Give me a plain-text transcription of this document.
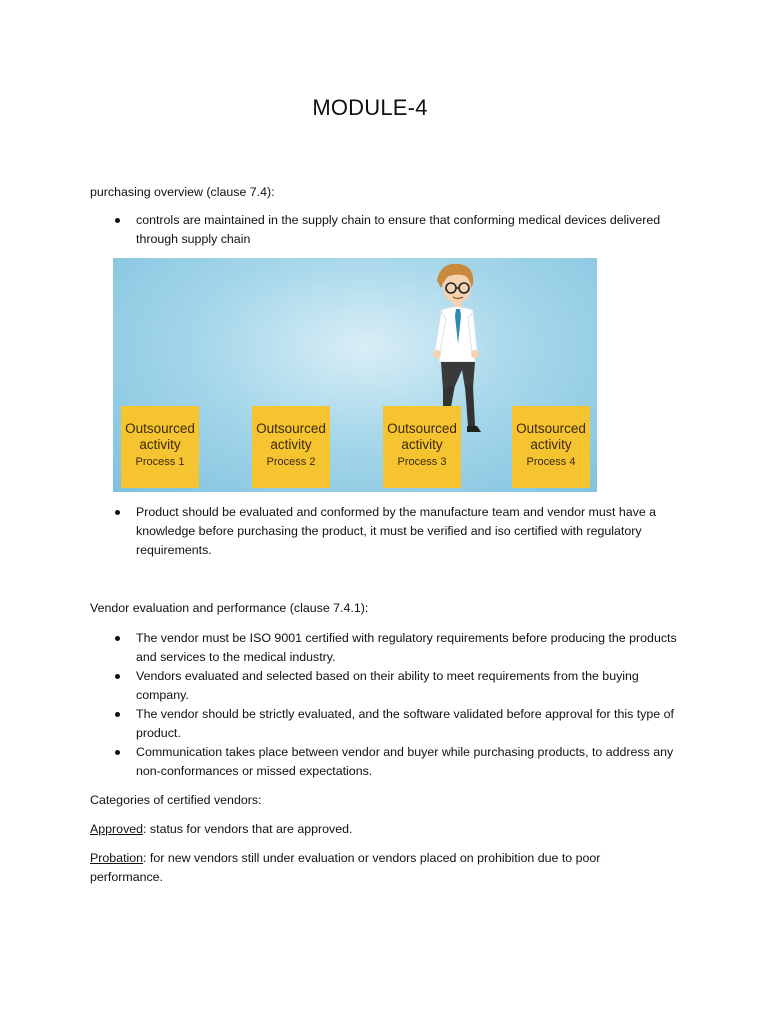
MODULE-4
purchasing overview (clause 7.4):
controls are maintained in the supply chain to ensure that conforming medical devices delivered through supply chain
Outsourced
activity
Process 1
Outsourced
activity
Process 2
Outsourced
activity
Process 3
Outsourced
activity
Process 4
Product should be evaluated and conformed by the manufacture team and vendor must have a knowledge before purchasing the product, it must be verified and iso certified with regulatory requirements.
Vendor evaluation and performance (clause 7.4.1):
The vendor must be ISO 9001 certified with regulatory requirements before producing the products and services to the medical industry.
Vendors evaluated and selected based on their ability to meet requirements from the buying company.
The vendor should be strictly evaluated, and the software validated before approval for this type of product.
Communication takes place between vendor and buyer while purchasing products, to address any non-conformances or missed expectations.
Categories of certified vendors:
Approved: status for vendors that are approved.
Probation: for new vendors still under evaluation or vendors placed on prohibition due to poor performance.
